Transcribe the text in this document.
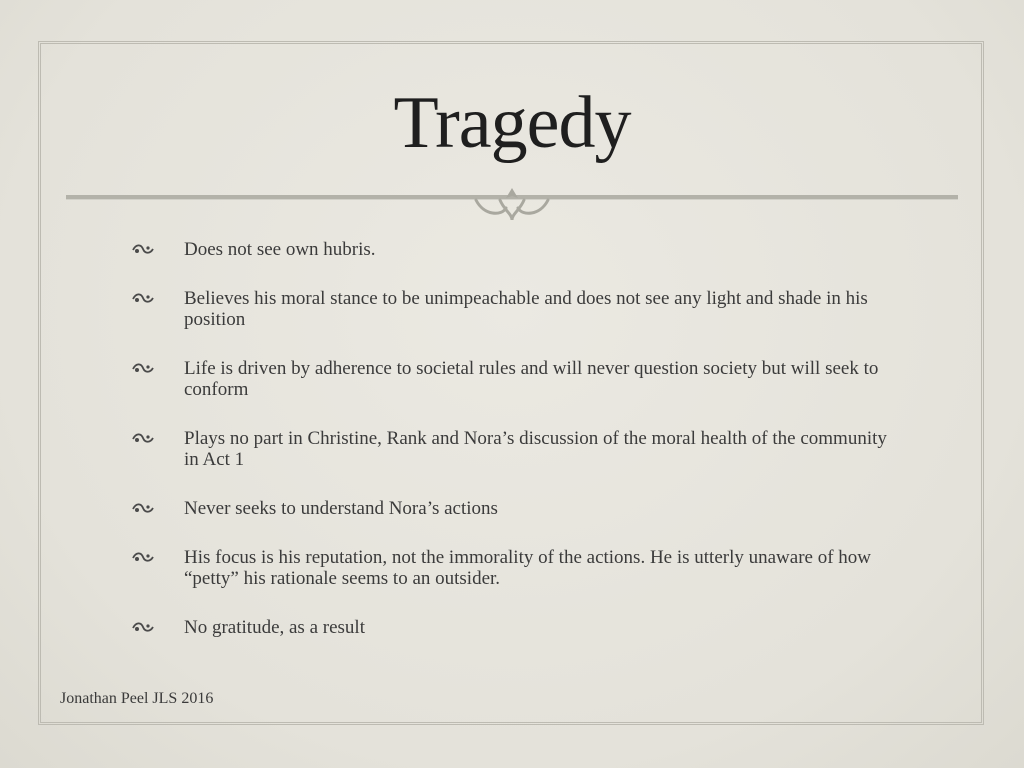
Tragedy
Does not see own hubris.
Believes his moral stance to be unimpeachable and does not see any light and shade in his position
Life is driven by adherence to societal rules and will never question society but will seek to conform
Plays no part in Christine, Rank and Nora’s discussion of the moral health of the community in Act 1
Never seeks to understand Nora’s actions
His focus is his reputation, not the immorality of the actions. He is utterly unaware of how “petty” his rationale seems to an outsider.
No gratitude, as a result
Jonathan Peel JLS 2016
